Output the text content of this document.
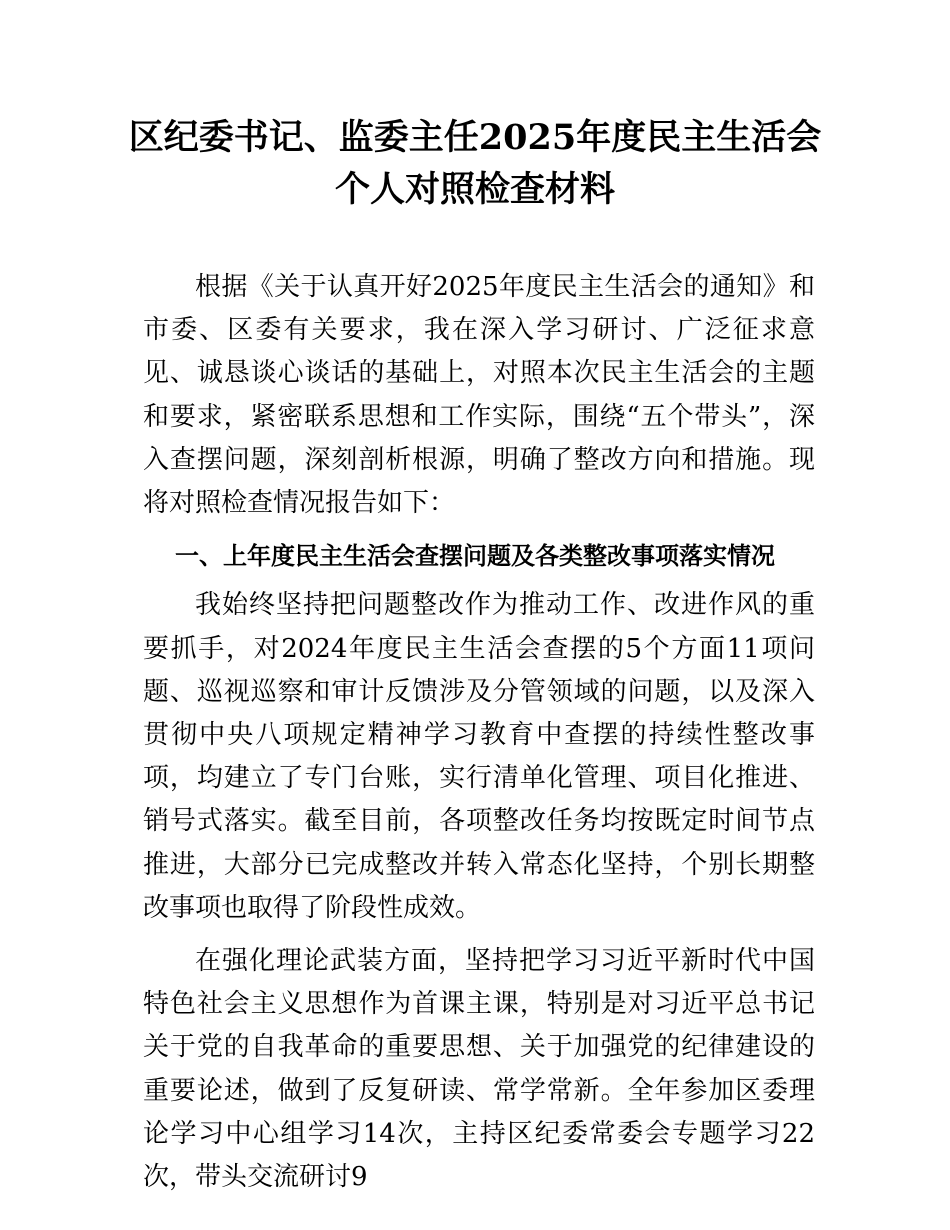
区纪委书记、监委主任2025年度民主生活会
个人对照检查材料

根据《关于认真开好2025年度民主生活会的通知》和市委、区委有关要求，我在深入学习研讨、广泛征求意见、诚恳谈心谈话的基础上，对照本次民主生活会的主题和要求，紧密联系思想和工作实际，围绕“五个带头”，深入查摆问题，深刻剖析根源，明确了整改方向和措施。现将对照检查情况报告如下：

一、上年度民主生活会查摆问题及各类整改事项落实情况

我始终坚持把问题整改作为推动工作、改进作风的重要抓手，对2024年度民主生活会查摆的5个方面11项问题、巡视巡察和审计反馈涉及分管领域的问题，以及深入贯彻中央八项规定精神学习教育中查摆的持续性整改事项，均建立了专门台账，实行清单化管理、项目化推进、销号式落实。截至目前，各项整改任务均按既定时间节点推进，大部分已完成整改并转入常态化坚持，个别长期整改事项也取得了阶段性成效。

在强化理论武装方面，坚持把学习习近平新时代中国特色社会主义思想作为首课主课，特别是对习近平总书记关于党的自我革命的重要思想、关于加强党的纪律建设的重要论述，做到了反复研读、常学常新。全年参加区委理论学习中心组学习14次，主持区纪委常委会专题学习22次，带头交流研讨9
